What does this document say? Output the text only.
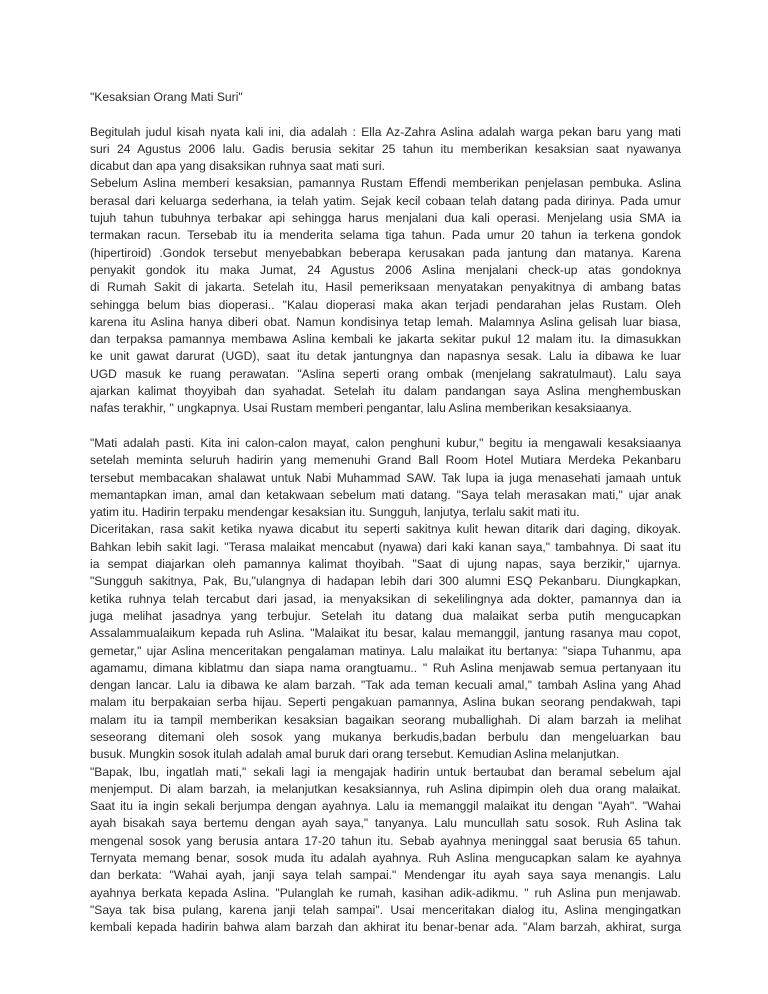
"Kesaksian Orang Mati Suri"
Begitulah judul kisah nyata kali ini, dia adalah : Ella Az-Zahra Aslina adalah warga pekan baru yang mati
suri 24 Agustus 2006 lalu. Gadis berusia sekitar 25 tahun itu memberikan kesaksian saat nyawanya
dicabut dan apa yang disaksikan ruhnya saat mati suri.
Sebelum Aslina memberi kesaksian, pamannya Rustam Effendi memberikan penjelasan pembuka. Aslina
berasal dari keluarga sederhana, ia telah yatim. Sejak kecil cobaan telah datang pada dirinya. Pada umur
tujuh tahun tubuhnya terbakar api sehingga harus menjalani dua kali operasi. Menjelang usia SMA ia
termakan racun. Tersebab itu ia menderita selama tiga tahun. Pada umur 20 tahun ia terkena gondok
(hipertiroid) .Gondok tersebut menyebabkan beberapa kerusakan pada jantung dan matanya. Karena
penyakit gondok itu maka Jumat, 24 Agustus 2006 Aslina menjalani check-up atas gondoknya
di Rumah Sakit di jakarta. Setelah itu, Hasil pemeriksaan menyatakan penyakitnya di ambang batas
sehingga belum bias dioperasi.. "Kalau dioperasi maka akan terjadi pendarahan jelas Rustam. Oleh
karena itu Aslina hanya diberi obat. Namun kondisinya tetap lemah. Malamnya Aslina gelisah luar biasa,
dan terpaksa pamannya membawa Aslina kembali ke jakarta sekitar pukul 12 malam itu. Ia dimasukkan
ke unit gawat darurat (UGD), saat itu detak jantungnya dan napasnya sesak. Lalu ia dibawa ke luar
UGD masuk ke ruang perawatan. "Aslina seperti orang ombak (menjelang sakratulmaut). Lalu saya
ajarkan kalimat thoyyibah dan syahadat. Setelah itu dalam pandangan saya Aslina menghembuskan
nafas terakhir, " ungkapnya. Usai Rustam memberi pengantar, lalu Aslina memberikan kesaksiaanya.
"Mati adalah pasti. Kita ini calon-calon mayat, calon penghuni kubur," begitu ia mengawali kesaksiaanya
setelah meminta seluruh hadirin yang memenuhi Grand Ball Room Hotel Mutiara Merdeka Pekanbaru
tersebut membacakan shalawat untuk Nabi Muhammad SAW. Tak lupa ia juga menasehati jamaah untuk
memantapkan iman, amal dan ketakwaan sebelum mati datang. "Saya telah merasakan mati," ujar anak
yatim itu. Hadirin terpaku mendengar kesaksian itu. Sungguh, lanjutya, terlalu sakit mati itu.
Diceritakan, rasa sakit ketika nyawa dicabut itu seperti sakitnya kulit hewan ditarik dari daging, dikoyak.
Bahkan lebih sakit lagi. "Terasa malaikat mencabut (nyawa) dari kaki kanan saya," tambahnya. Di saat itu
ia sempat diajarkan oleh pamannya kalimat thoyibah. "Saat di ujung napas, saya berzikir," ujarnya.
"Sungguh sakitnya, Pak, Bu,"ulangnya di hadapan lebih dari 300 alumni ESQ Pekanbaru. Diungkapkan,
ketika ruhnya telah tercabut dari jasad, ia menyaksikan di sekelilingnya ada dokter, pamannya dan ia
juga melihat jasadnya yang terbujur. Setelah itu datang dua malaikat serba putih mengucapkan
Assalammualaikum kepada ruh Aslina. "Malaikat itu besar, kalau memanggil, jantung rasanya mau copot,
gemetar," ujar Aslina menceritakan pengalaman matinya. Lalu malaikat itu bertanya: ''siapa Tuhanmu, apa
agamamu, dimana kiblatmu dan siapa nama orangtuamu.. " Ruh Aslina menjawab semua pertanyaan itu
dengan lancar. Lalu ia dibawa ke alam barzah. "Tak ada teman kecuali amal," tambah Aslina yang Ahad
malam itu berpakaian serba hijau. Seperti pengakuan pamannya, Aslina bukan seorang pendakwah, tapi
malam itu ia tampil memberikan kesaksian bagaikan seorang muballighah. Di alam barzah ia melihat
seseorang ditemani oleh sosok yang mukanya berkudis,badan berbulu dan mengeluarkan bau
busuk. Mungkin sosok itulah adalah amal buruk dari orang tersebut. Kemudian Aslina melanjutkan.
"Bapak, Ibu, ingatlah mati," sekali lagi ia mengajak hadirin untuk bertaubat dan beramal sebelum ajal
menjemput. Di alam barzah, ia melanjutkan kesaksiannya, ruh Aslina dipimpin oleh dua orang malaikat.
Saat itu ia ingin sekali berjumpa dengan ayahnya. Lalu ia memanggil malaikat itu dengan "Ayah". "Wahai
ayah bisakah saya bertemu dengan ayah saya," tanyanya. Lalu muncullah satu sosok. Ruh Aslina tak
mengenal sosok yang berusia antara 17-20 tahun itu. Sebab ayahnya meninggal saat berusia 65 tahun.
Ternyata memang benar, sosok muda itu adalah ayahnya. Ruh Aslina mengucapkan salam ke ayahnya
dan berkata: "Wahai ayah, janji saya telah sampai." Mendengar itu ayah saya saya menangis. Lalu
ayahnya berkata kepada Aslina. "Pulanglah ke rumah, kasihan adik-adikmu. " ruh Aslina pun menjawab.
"Saya tak bisa pulang, karena janji telah sampai". Usai menceritakan dialog itu, Aslina mengingatkan
kembali kepada hadirin bahwa alam barzah dan akhirat itu benar-benar ada. "Alam barzah, akhirat, surga
